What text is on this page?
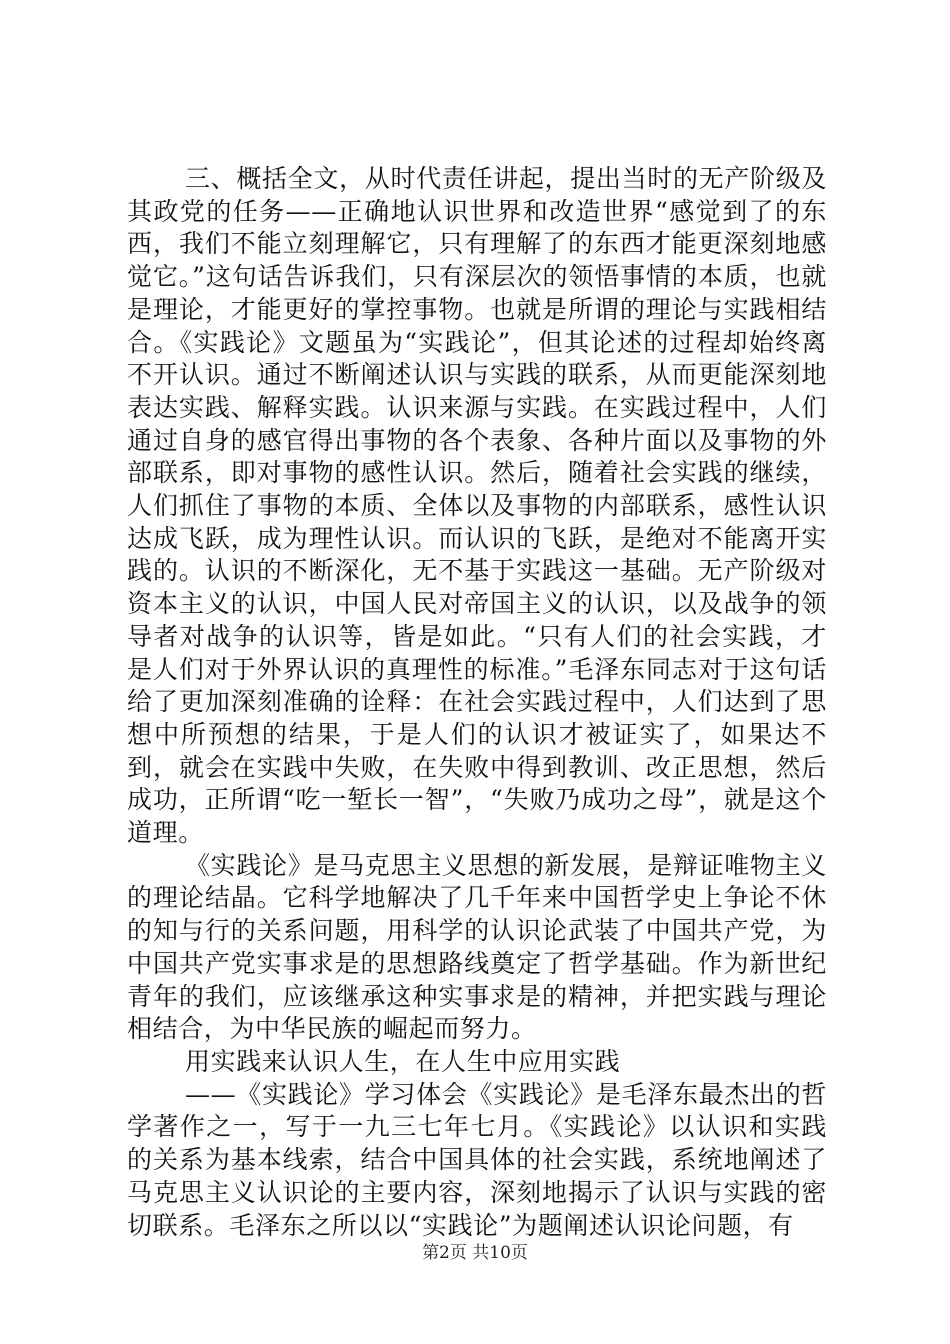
三、概括全文，从时代责任讲起，提出当时的无产阶级及其政党的任务——正确地认识世界和改造世界“感觉到了的东西，我们不能立刻理解它，只有理解了的东西才能更深刻地感觉它。”这句话告诉我们，只有深层次的领悟事情的本质，也就是理论，才能更好的掌控事物。也就是所谓的理论与实践相结合。《实践论》文题虽为“实践论”，但其论述的过程却始终离不开认识。通过不断阐述认识与实践的联系，从而更能深刻地表达实践、解释实践。认识来源与实践。在实践过程中，人们通过自身的感官得出事物的各个表象、各种片面以及事物的外部联系，即对事物的感性认识。然后，随着社会实践的继续，人们抓住了事物的本质、全体以及事物的内部联系，感性认识达成飞跃，成为理性认识。而认识的飞跃，是绝对不能离开实践的。认识的不断深化，无不基于实践这一基础。无产阶级对资本主义的认识，中国人民对帝国主义的认识，以及战争的领导者对战争的认识等，皆是如此。“只有人们的社会实践，才是人们对于外界认识的真理性的标准。”毛泽东同志对于这句话给了更加深刻准确的诠释：在社会实践过程中，人们达到了思想中所预想的结果，于是人们的认识才被证实了，如果达不到，就会在实践中失败，在失败中得到教训、改正思想，然后成功，正所谓“吃一堑长一智”，“失败乃成功之母”，就是这个道理。

《实践论》是马克思主义思想的新发展，是辩证唯物主义的理论结晶。它科学地解决了几千年来中国哲学史上争论不休的知与行的关系问题，用科学的认识论武装了中国共产党，为中国共产党实事求是的思想路线奠定了哲学基础。作为新世纪青年的我们，应该继承这种实事求是的精神，并把实践与理论相结合，为中华民族的崛起而努力。

用实践来认识人生，在人生中应用实践

——《实践论》学习体会《实践论》是毛泽东最杰出的哲学著作之一，写于一九三七年七月。《实践论》以认识和实践的关系为基本线索，结合中国具体的社会实践，系统地阐述了马克思主义认识论的主要内容，深刻地揭示了认识与实践的密切联系。毛泽东之所以以“实践论”为题阐述认识论问题，有

第2页 共10页
